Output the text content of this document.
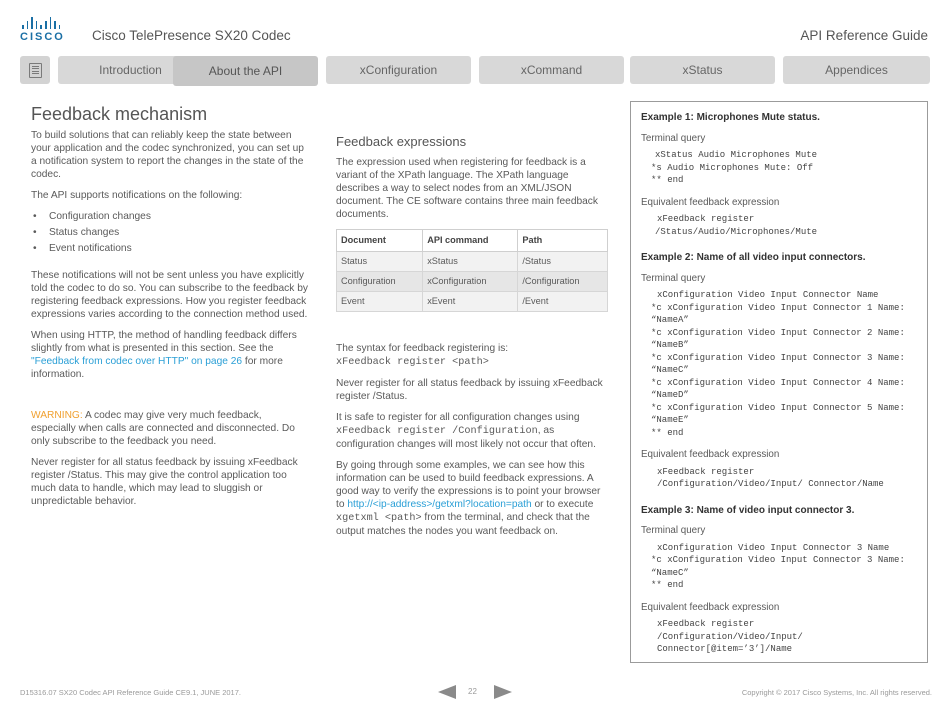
CISCO Cisco TelePresence SX20 Codec	API Reference Guide
Introduction	About the API	xConfiguration	xCommand	xStatus	Appendices
Feedback mechanism

To build solutions that can reliably keep the state between your application and the codec synchronized, you can set up a notification system to report the changes in the state of the codec.

The API supports notifications on the following:

• Configuration changes
• Status changes
• Event notifications

These notifications will not be sent unless you have explicitly told the codec to do so. You can subscribe to the feedback by registering feedback expressions. How you register feedback expressions varies according to the connection method used.

When using HTTP, the method of handling feedback differs slightly from what is presented in this section. See the "Feedback from codec over HTTP" on page 26 for more information.

WARNING: A codec may give very much feedback, especially when calls are connected and disconnected. Do only subscribe to the feedback you need.

Never register for all status feedback by issuing xFeedback register /Status. This may give the control application too much data to handle, which may lead to sluggish or unpredictable behavior.

Feedback expressions

The expression used when registering for feedback is a variant of the XPath language. The XPath language describes a way to select nodes from an XML/JSON document. The CE software contains three main feedback documents.

Document	API command	Path
Status	xStatus	/Status
Configuration	xConfiguration	/Configuration
Event	xEvent	/Event

The syntax for feedback registering is:
xFeedback register <path>

Never register for all status feedback by issuing xFeedback register /Status.

It is safe to register for all configuration changes using xFeedback register /Configuration, as configuration changes will most likely not occur that often.

By going through some examples, we can see how this information can be used to build feedback expressions. A good way to verify the expressions is to point your browser to http://<ip-address>/getxml?location=path or to execute xgetxml <path> from the terminal, and check that the output matches the nodes you want feedback on.

Example 1: Microphones Mute status.
Terminal query
xStatus Audio Microphones Mute
*s Audio Microphones Mute: Off
** end
Equivalent feedback expression
xFeedback register /Status/Audio/Microphones/Mute
Example 2: Name of all video input connectors.
Terminal query
xConfiguration Video Input Connector Name
*c xConfiguration Video Input Connector 1 Name: “NameA”
*c xConfiguration Video Input Connector 2 Name: “NameB”
*c xConfiguration Video Input Connector 3 Name: “NameC”
*c xConfiguration Video Input Connector 4 Name: “NameD”
*c xConfiguration Video Input Connector 5 Name: “NameE”
** end
Equivalent feedback expression
xFeedback register /Configuration/Video/Input/ Connector/Name
Example 3: Name of video input connector 3.
Terminal query
xConfiguration Video Input Connector 3 Name
*c xConfiguration Video Input Connector 3 Name: “NameC”
** end
Equivalent feedback expression
xFeedback register /Configuration/Video/Input/ Connector[@item=’3’]/Name
D15316.07 SX20 Codec API Reference Guide CE9.1, JUNE 2017.	22	Copyright © 2017 Cisco Systems, Inc. All rights reserved.
